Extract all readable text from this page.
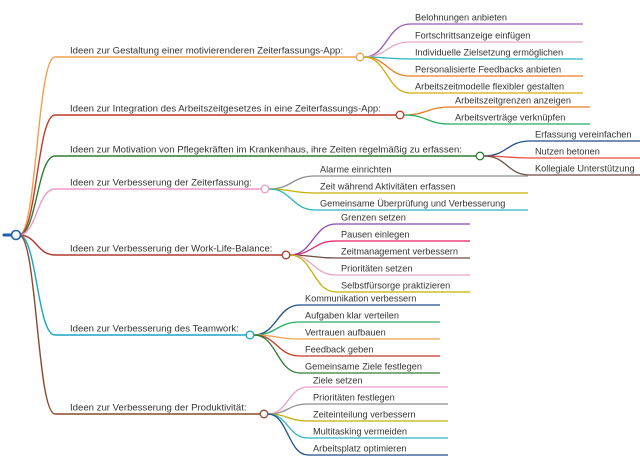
Ideen zur Gestaltung einer motivierenderen Zeiterfassungs-App:
Belohnungen anbieten
Fortschrittsanzeige einfügen
Individuelle Zielsetzung ermöglichen
Personalisierte Feedbacks anbieten
Arbeitszeitmodelle flexibler gestalten
Ideen zur Integration des Arbeitszeitgesetzes in eine Zeiterfassungs-App:
Arbeitszeitgrenzen anzeigen
Arbeitsverträge verknüpfen
Ideen zur Motivation von Pflegekräften im Krankenhaus, ihre Zeiten regelmäßig zu erfassen:
Erfassung vereinfachen
Nutzen betonen
Kollegiale Unterstützung
Ideen zur Verbesserung der Zeiterfassung:
Alarme einrichten
Zeit während Aktivitäten erfassen
Gemeinsame Überprüfung und Verbesserung
Ideen zur Verbesserung der Work-Life-Balance:
Grenzen setzen
Pausen einlegen
Zeitmanagement verbessern
Prioritäten setzen
Selbstfürsorge praktizieren
Ideen zur Verbesserung des Teamwork:
Kommunikation verbessern
Aufgaben klar verteilen
Vertrauen aufbauen
Feedback geben
Gemeinsame Ziele festlegen
Ideen zur Verbesserung der Produktivität:
Ziele setzen
Prioritäten festlegen
Zeiteinteilung verbessern
Multitasking vermeiden
Arbeitsplatz optimieren
